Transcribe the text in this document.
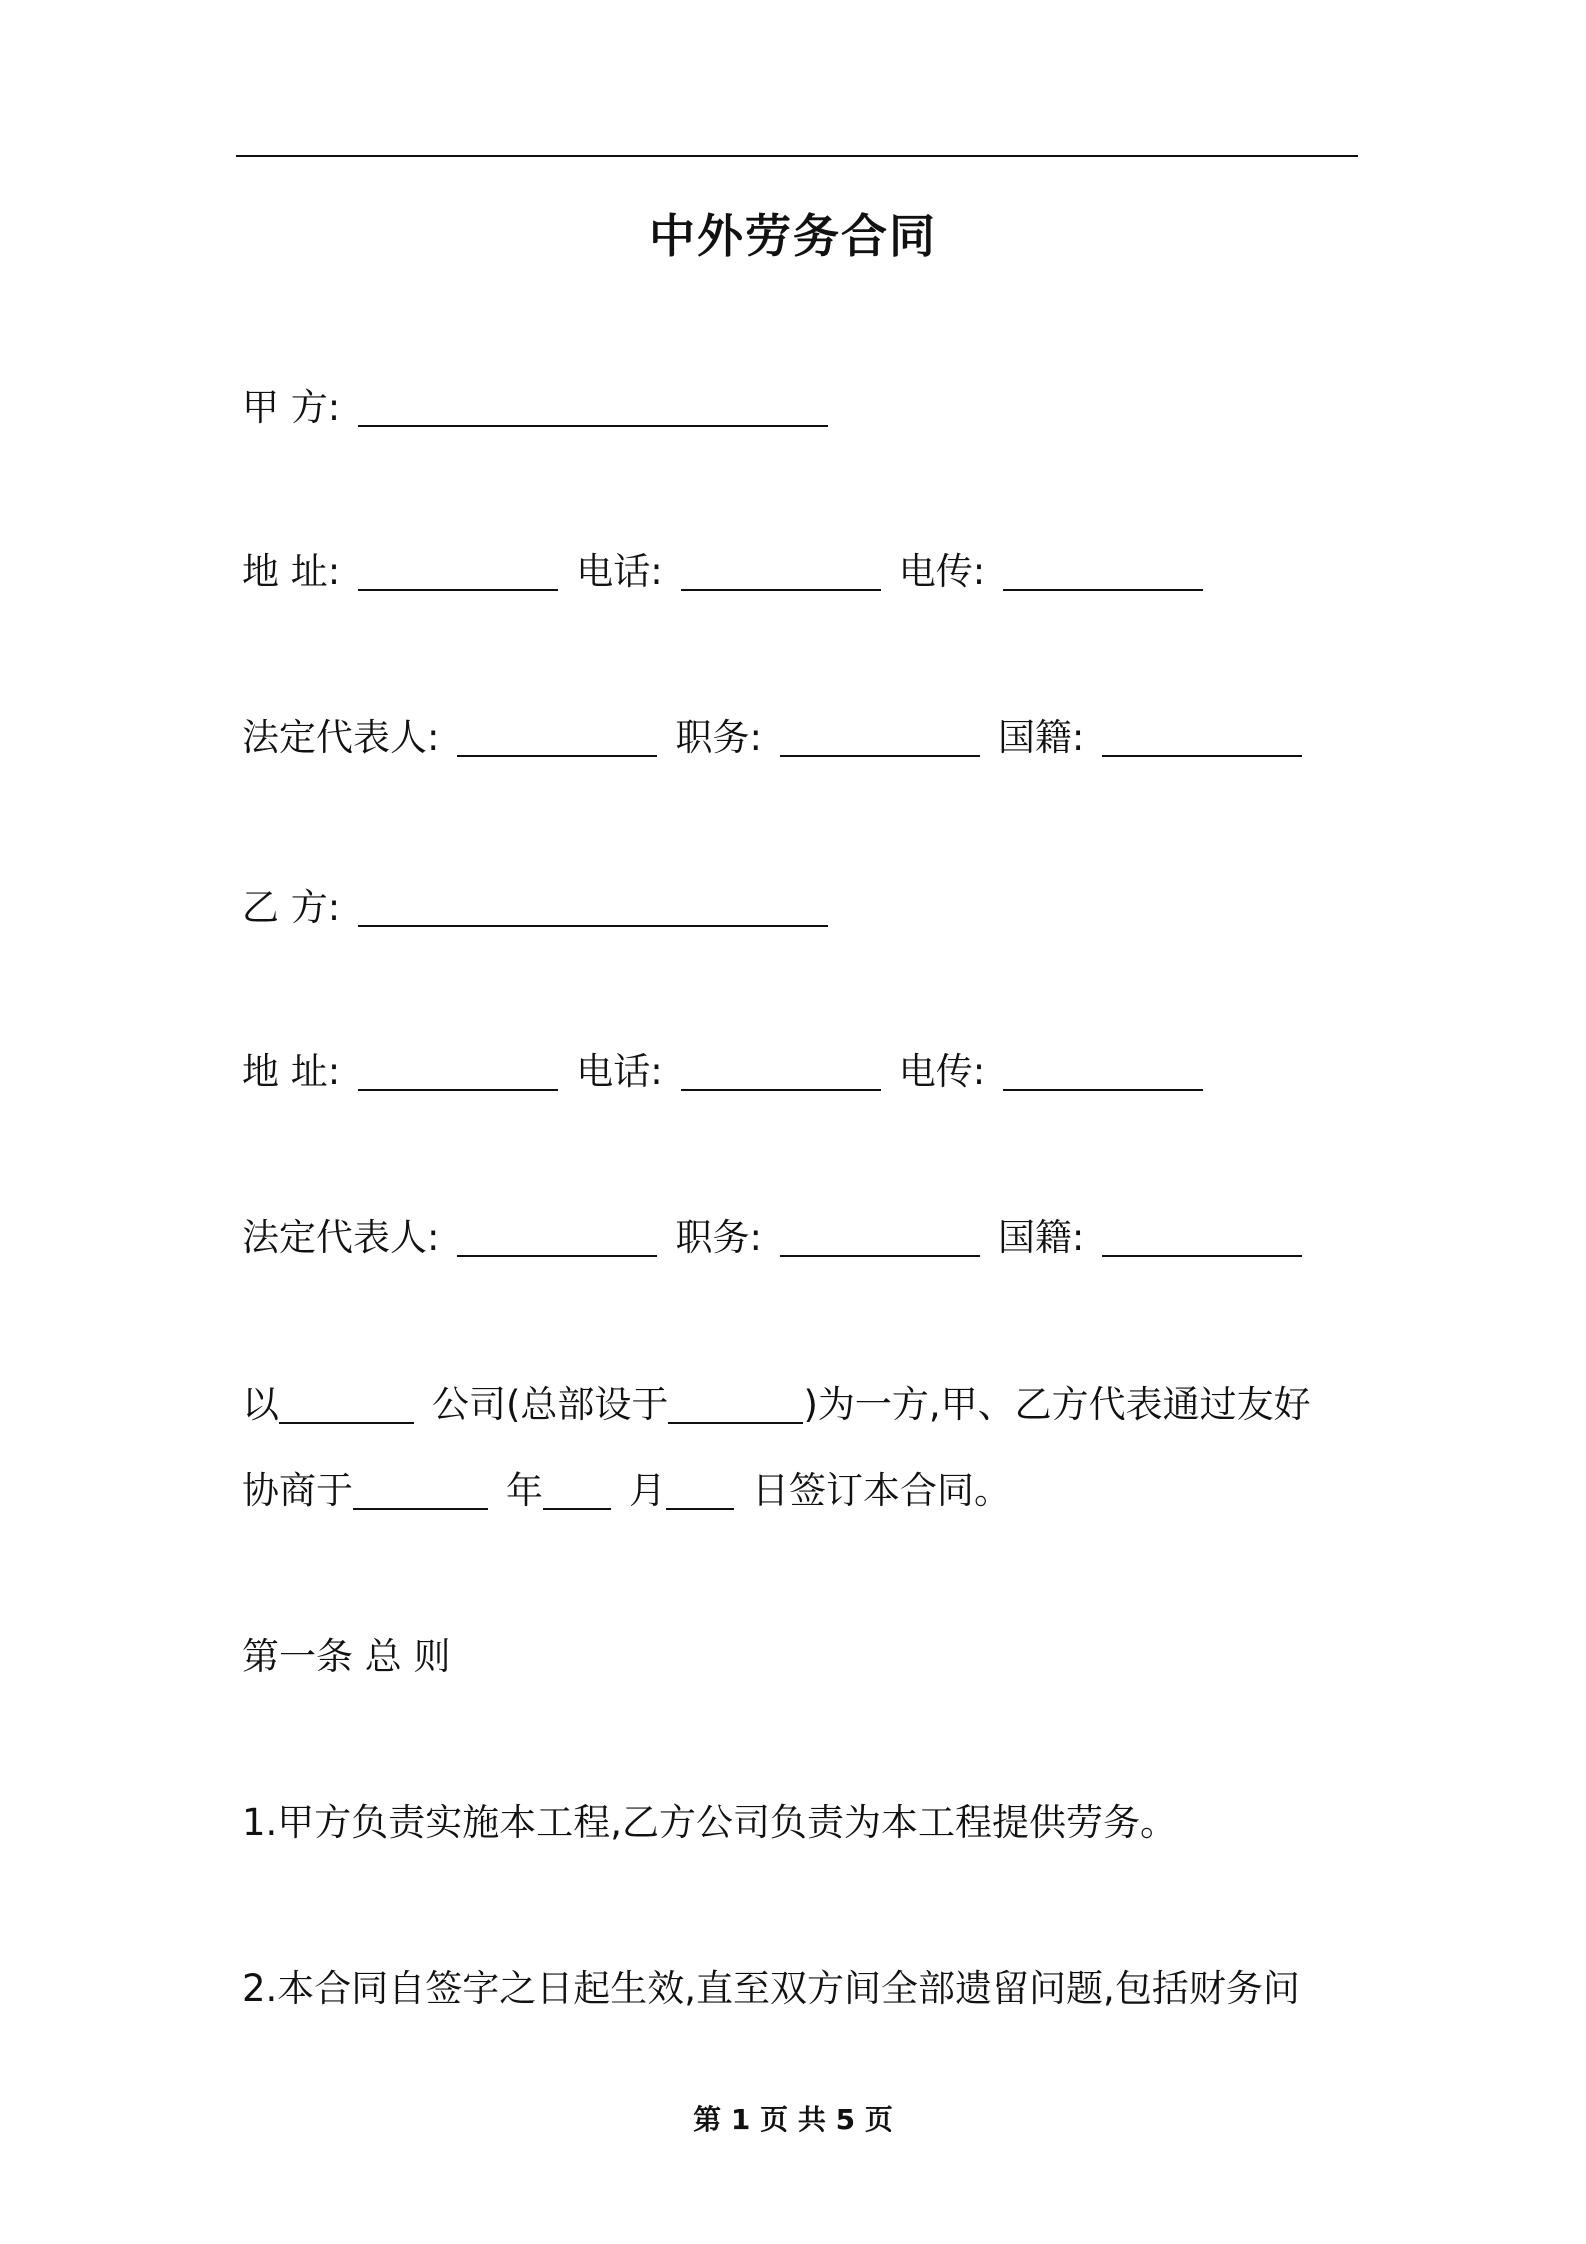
中外劳务合同
甲 方:
地 址:	电话:	电传:
法定代表人:	职务:	国籍:
乙 方:
地 址:	电话:	电传:
法定代表人:	职务:	国籍:
以	公司(总部设于	)为一方,甲、乙方代表通过友好
协商于	年 月 日签订本合同。
第一条 总 则
1.甲方负责实施本工程,乙方公司负责为本工程提供劳务。
2.本合同自签字之日起生效,直至双方间全部遗留问题,包括财务问
第 1 页 共 5 页
